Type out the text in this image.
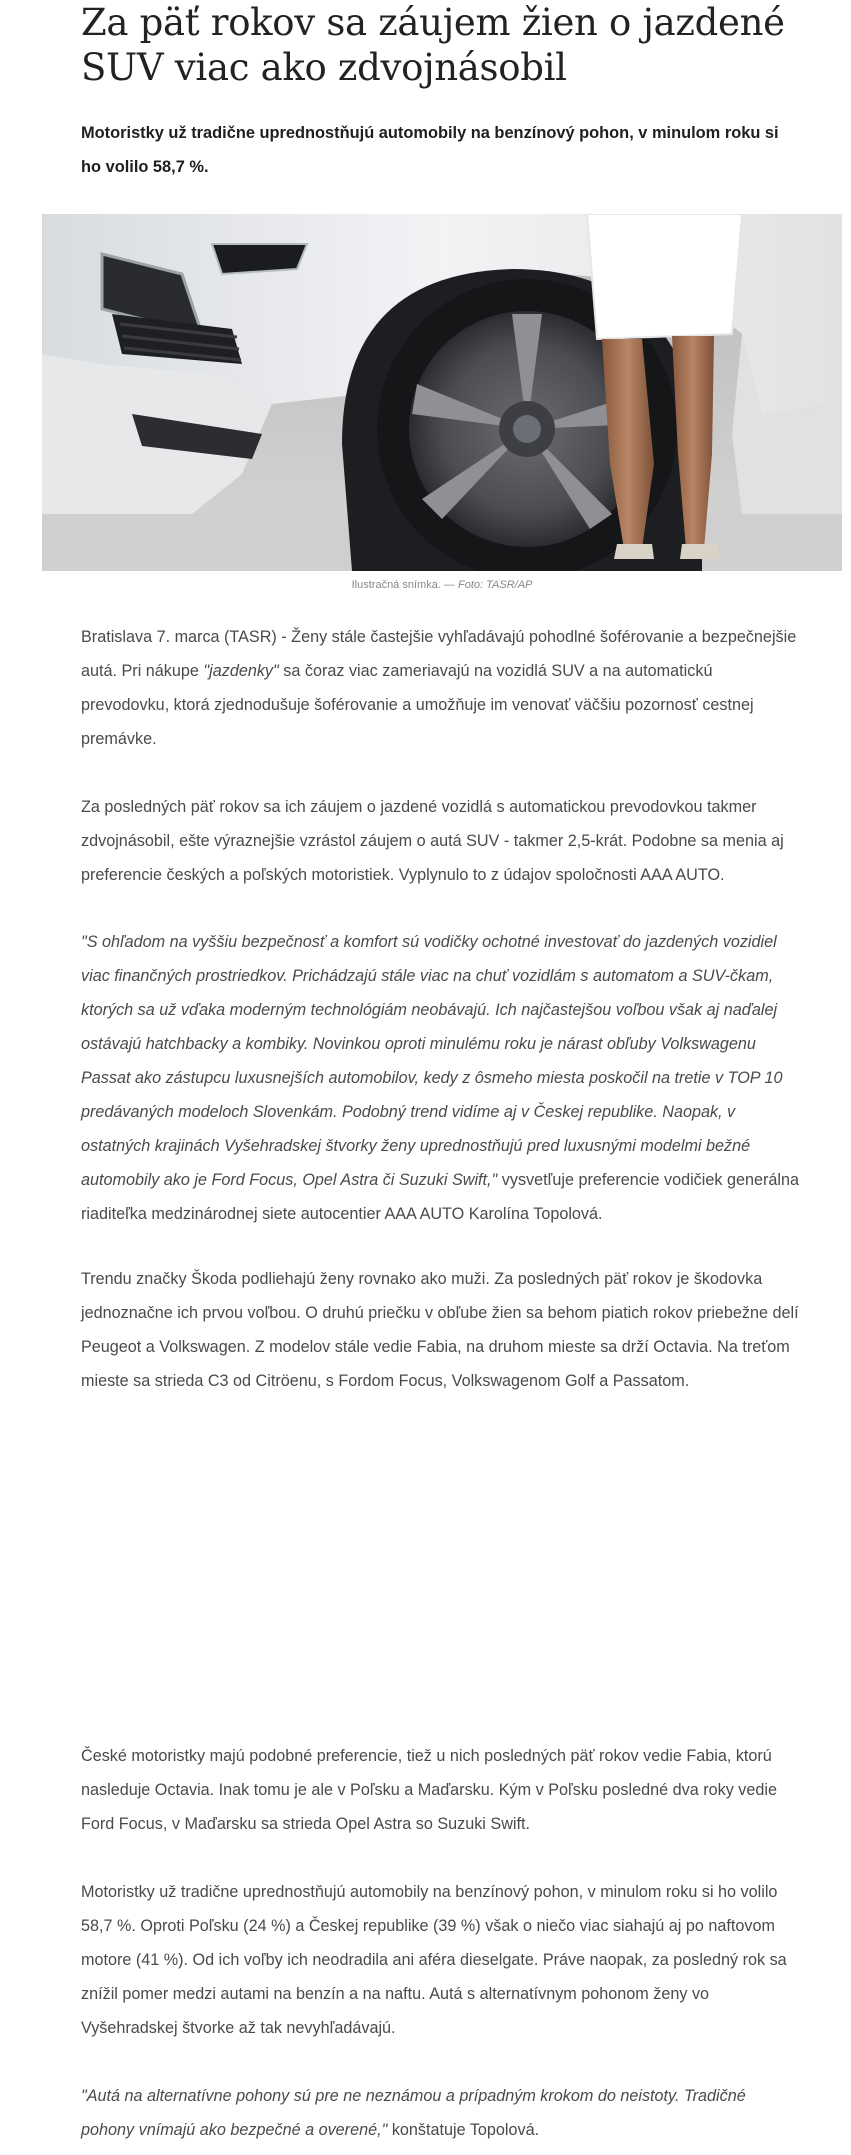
Za päť rokov sa záujem žien o jazdené SUV viac ako zdvojnásobil

Motoristky už tradične uprednostňujú automobily na benzínový pohon, v minulom roku si ho volilo 58,7 %.

Ilustračná snímka. — Foto: TASR/AP

Bratislava 7. marca (TASR) - Ženy stále častejšie vyhľadávajú pohodlné šoférovanie a bezpečnejšie autá. Pri nákupe "jazdenky" sa čoraz viac zameriavajú na vozidlá SUV a na automatickú prevodovku, ktorá zjednodušuje šoférovanie a umožňuje im venovať väčšiu pozornosť cestnej premávke.

Za posledných päť rokov sa ich záujem o jazdené vozidlá s automatickou prevodovkou takmer zdvojnásobil, ešte výraznejšie vzrástol záujem o autá SUV - takmer 2,5-krát. Podobne sa menia aj preferencie českých a poľských motoristiek. Vyplynulo to z údajov spoločnosti AAA AUTO.

"S ohľadom na vyššiu bezpečnosť a komfort sú vodičky ochotné investovať do jazdených vozidiel viac finančných prostriedkov. Prichádzajú stále viac na chuť vozidlám s automatom a SUV-čkam, ktorých sa už vďaka moderným technológiám neobávajú. Ich najčastejšou voľbou však aj naďalej ostávajú hatchbacky a kombiky. Novinkou oproti minulému roku je nárast obľuby Volkswagenu Passat ako zástupcu luxusnejších automobilov, kedy z ôsmeho miesta poskočil na tretie v TOP 10 predávaných modeloch Slovenkám. Podobný trend vidíme aj v Českej republike. Naopak, v ostatných krajinách Vyšehradskej štvorky ženy uprednostňujú pred luxusnými modelmi bežné automobily ako je Ford Focus, Opel Astra či Suzuki Swift," vysvetľuje preferencie vodičiek generálna riaditeľka medzinárodnej siete autocentier AAA AUTO Karolína Topolová.

Trendu značky Škoda podliehajú ženy rovnako ako muži. Za posledných päť rokov je škodovka jednoznačne ich prvou voľbou. O druhú priečku v obľube žien sa behom piatich rokov priebežne delí Peugeot a Volkswagen. Z modelov stále vedie Fabia, na druhom mieste sa drží Octavia. Na treťom mieste sa strieda C3 od Citröenu, s Fordom Focus, Volkswagenom Golf a Passatom.

České motoristky majú podobné preferencie, tiež u nich posledných päť rokov vedie Fabia, ktorú nasleduje Octavia. Inak tomu je ale v Poľsku a Maďarsku. Kým v Poľsku posledné dva roky vedie Ford Focus, v Maďarsku sa strieda Opel Astra so Suzuki Swift.

Motoristky už tradične uprednostňujú automobily na benzínový pohon, v minulom roku si ho volilo 58,7 %. Oproti Poľsku (24 %) a Českej republike (39 %) však o niečo viac siahajú aj po naftovom motore (41 %). Od ich voľby ich neodradila ani aféra dieselgate. Práve naopak, za posledný rok sa znížil pomer medzi autami na benzín a na naftu. Autá s alternatívnym pohonom ženy vo Vyšehradskej štvorke až tak nevyhľadávajú.

"Autá na alternatívne pohony sú pre ne neznámou a prípadným krokom do neistoty. Tradičné pohony vnímajú ako bezpečné a overené," konštatuje Topolová.
